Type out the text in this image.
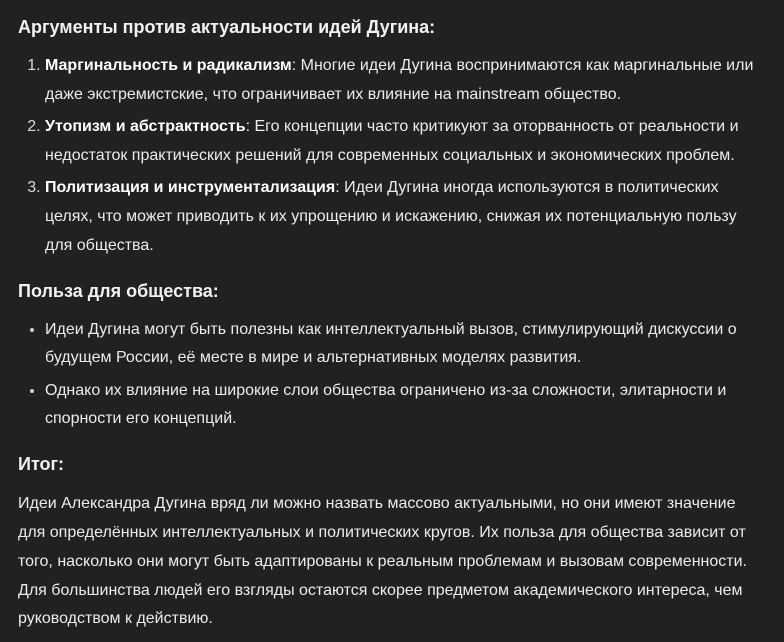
Аргументы против актуальности идей Дугина:
1. Маргинальность и радикализм: Многие идеи Дугина воспринимаются как маргинальные или даже экстремистские, что ограничивает их влияние на mainstream общество.
2. Утопизм и абстрактность: Его концепции часто критикуют за оторванность от реальности и недостаток практических решений для современных социальных и экономических проблем.
3. Политизация и инструментализация: Идеи Дугина иногда используются в политических целях, что может приводить к их упрощению и искажению, снижая их потенциальную пользу для общества.
Польза для общества:
• Идеи Дугина могут быть полезны как интеллектуальный вызов, стимулирующий дискуссии о будущем России, её месте в мире и альтернативных моделях развития.
• Однако их влияние на широкие слои общества ограничено из-за сложности, элитарности и спорности его концепций.
Итог:

Идеи Александра Дугина вряд ли можно назвать массово актуальными, но они имеют значение для определённых интеллектуальных и политических кругов. Их польза для общества зависит от того, насколько они могут быть адаптированы к реальным проблемам и вызовам современности. Для большинства людей его взгляды остаются скорее предметом академического интереса, чем руководством к действию.
